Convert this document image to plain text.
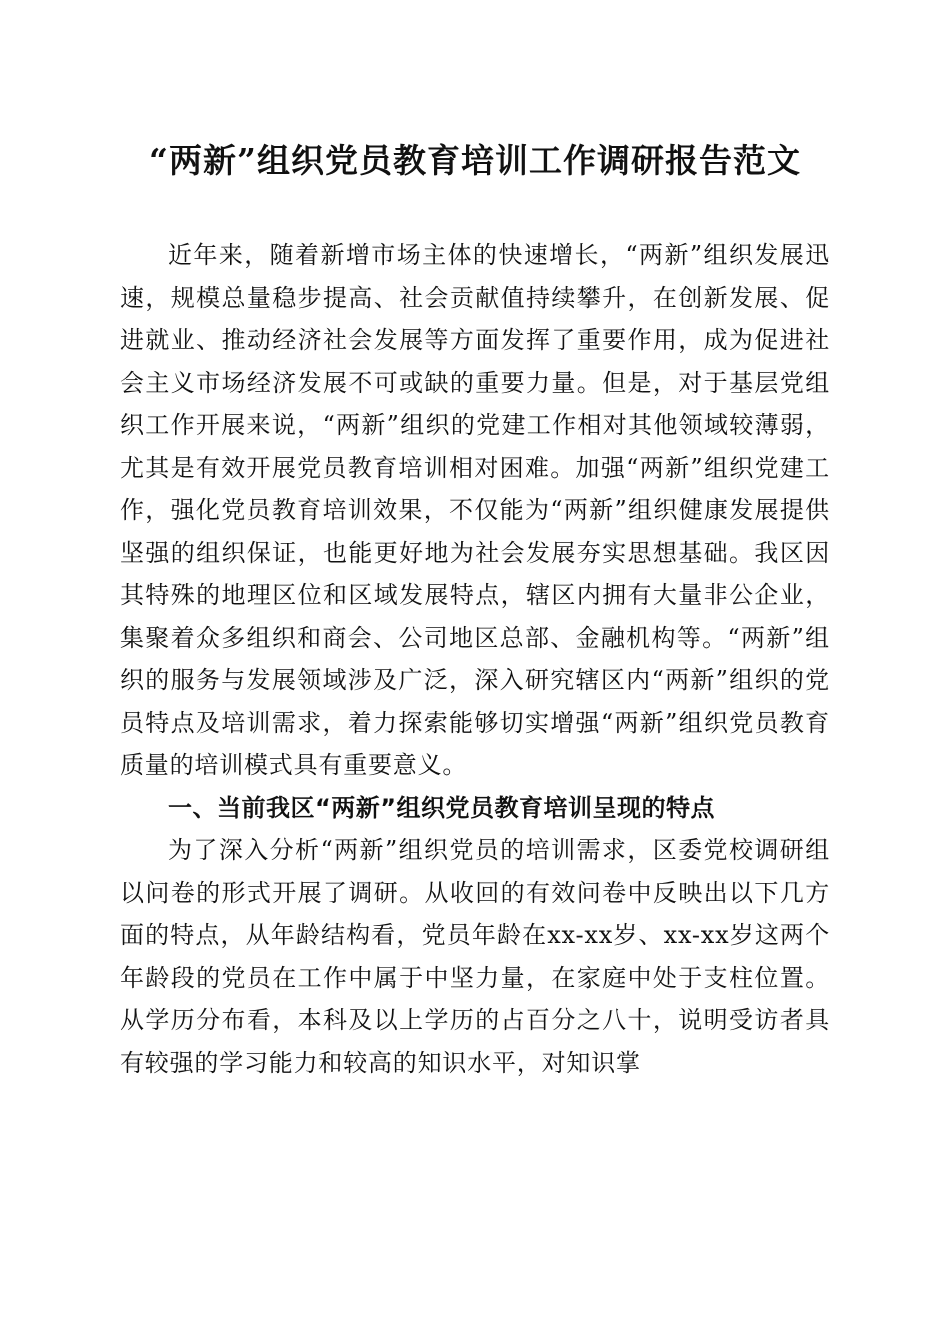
“两新”组织党员教育培训工作调研报告范文

近年来，随着新增市场主体的快速增长，“两新”组织发展迅速，规模总量稳步提高、社会贡献值持续攀升，在创新发展、促进就业、推动经济社会发展等方面发挥了重要作用，成为促进社会主义市场经济发展不可或缺的重要力量。但是，对于基层党组织工作开展来说，“两新”组织的党建工作相对其他领域较薄弱，尤其是有效开展党员教育培训相对困难。加强“两新”组织党建工作，强化党员教育培训效果，不仅能为“两新”组织健康发展提供坚强的组织保证，也能更好地为社会发展夯实思想基础。我区因其特殊的地理区位和区域发展特点，辖区内拥有大量非公企业，集聚着众多组织和商会、公司地区总部、金融机构等。“两新”组织的服务与发展领域涉及广泛，深入研究辖区内“两新”组织的党员特点及培训需求，着力探索能够切实增强“两新”组织党员教育质量的培训模式具有重要意义。

一、当前我区“两新”组织党员教育培训呈现的特点

为了深入分析“两新”组织党员的培训需求，区委党校调研组以问卷的形式开展了调研。从收回的有效问卷中反映出以下几方面的特点，从年龄结构看，党员年龄在xx-xx岁、xx-xx岁这两个年龄段的党员在工作中属于中坚力量，在家庭中处于支柱位置。从学历分布看，本科及以上学历的占百分之八十，说明受访者具有较强的学习能力和较高的知识水平，对知识掌
